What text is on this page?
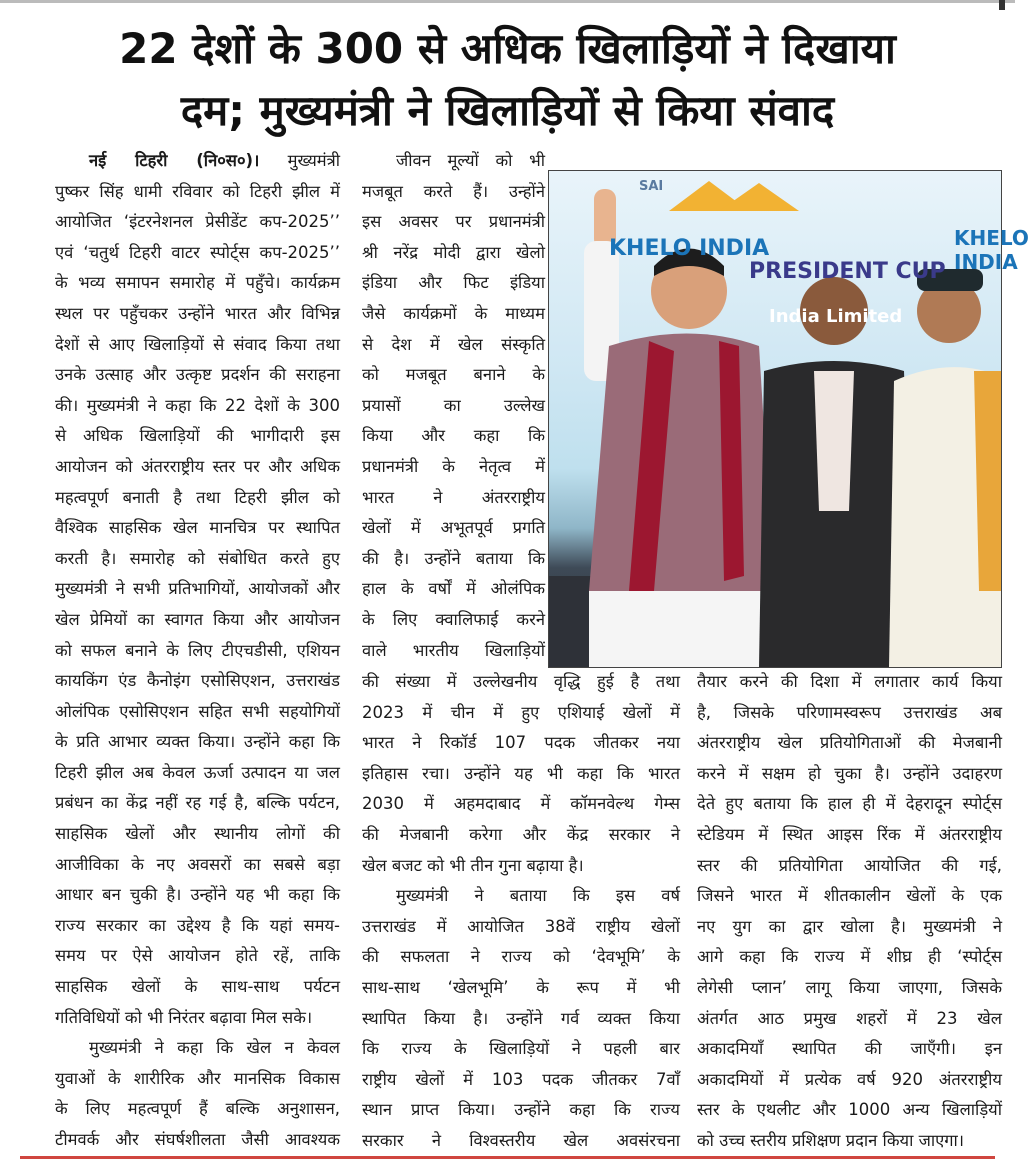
22 देशों के 300 से अधिक खिलाड़ियों ने दिखाया
दम; मुख्यमंत्री ने खिलाड़ियों से किया संवाद
नई टिहरी (नि०स०)। मुख्यमंत्री
पुष्कर सिंह धामी रविवार को टिहरी झील में
आयोजित ‘इंटरनेशनल प्रेसीडेंट कप-2025’’
एवं ‘चतुर्थ टिहरी वाटर स्पोर्ट्स कप-2025’’
के भव्य समापन समारोह में पहुँचे। कार्यक्रम
स्थल पर पहुँचकर उन्होंने भारत और विभिन्न
देशों से आए खिलाड़ियों से संवाद किया तथा
उनके उत्साह और उत्कृष्ट प्रदर्शन की सराहना
की। मुख्यमंत्री ने कहा कि 22 देशों के 300
से अधिक खिलाड़ियों की भागीदारी इस
आयोजन को अंतरराष्ट्रीय स्तर पर और अधिक
महत्वपूर्ण बनाती है तथा टिहरी झील को
वैश्विक साहसिक खेल मानचित्र पर स्थापित
करती है। समारोह को संबोधित करते हुए
मुख्यमंत्री ने सभी प्रतिभागियों, आयोजकों और
खेल प्रेमियों का स्वागत किया और आयोजन
को सफल बनाने के लिए टीएचडीसी, एशियन
कायकिंग एंड कैनोइंग एसोसिएशन, उत्तराखंड
ओलंपिक एसोसिएशन सहित सभी सहयोगियों
के प्रति आभार व्यक्त किया। उन्होंने कहा कि
टिहरी झील अब केवल ऊर्जा उत्पादन या जल
प्रबंधन का केंद्र नहीं रह गई है, बल्कि पर्यटन,
साहसिक खेलों और स्थानीय लोगों की
आजीविका के नए अवसरों का सबसे बड़ा
आधार बन चुकी है। उन्होंने यह भी कहा कि
राज्य सरकार का उद्देश्य है कि यहां समय-
समय पर ऐसे आयोजन होते रहें, ताकि
साहसिक खेलों के साथ-साथ पर्यटन
गतिविधियों को भी निरंतर बढ़ावा मिल सके।
मुख्यमंत्री ने कहा कि खेल न केवल
युवाओं के शारीरिक और मानसिक विकास
के लिए महत्वपूर्ण हैं बल्कि अनुशासन,
टीमवर्क और संघर्षशीलता जैसी आवश्यक
जीवन मूल्यों को भी
मजबूत करते हैं। उन्होंने
इस अवसर पर प्रधानमंत्री
श्री नरेंद्र मोदी द्वारा खेलो
इंडिया और फिट इंडिया
जैसे कार्यक्रमों के माध्यम
से देश में खेल संस्कृति
को मजबूत बनाने के
प्रयासों का उल्लेख
किया और कहा कि
प्रधानमंत्री के नेतृत्व में
भारत ने अंतरराष्ट्रीय
खेलों में अभूतपूर्व प्रगति
की है। उन्होंने बताया कि
हाल के वर्षों में ओलंपिक
के लिए क्वालिफाई करने
वाले भारतीय खिलाड़ियों
की संख्या में उल्लेखनीय वृद्धि हुई है तथा
2023 में चीन में हुए एशियाई खेलों में
भारत ने रिकॉर्ड 107 पदक जीतकर नया
इतिहास रचा। उन्होंने यह भी कहा कि भारत
2030 में अहमदाबाद में कॉमनवेल्थ गेम्स
की मेजबानी करेगा और केंद्र सरकार ने
खेल बजट को भी तीन गुना बढ़ाया है।
मुख्यमंत्री ने बताया कि इस वर्ष
उत्तराखंड में आयोजित 38वें राष्ट्रीय खेलों
की सफलता ने राज्य को ‘देवभूमि’ के
साथ-साथ ‘खेलभूमि’ के रूप में भी
स्थापित किया है। उन्होंने गर्व व्यक्त किया
कि राज्य के खिलाड़ियों ने पहली बार
राष्ट्रीय खेलों में 103 पदक जीतकर 7वाँ
स्थान प्राप्त किया। उन्होंने कहा कि राज्य
सरकार ने विश्वस्तरीय खेल अवसंरचना
तैयार करने की दिशा में लगातार कार्य किया
है, जिसके परिणामस्वरूप उत्तराखंड अब
अंतरराष्ट्रीय खेल प्रतियोगिताओं की मेजबानी
करने में सक्षम हो चुका है। उन्होंने उदाहरण
देते हुए बताया कि हाल ही में देहरादून स्पोर्ट्स
स्टेडियम में स्थित आइस रिंक में अंतरराष्ट्रीय
स्तर की प्रतियोगिता आयोजित की गई,
जिसने भारत में शीतकालीन खेलों के एक
नए युग का द्वार खोला है। मुख्यमंत्री ने
आगे कहा कि राज्य में शीघ्र ही ‘स्पोर्ट्स
लेगेसी प्लान’ लागू किया जाएगा, जिसके
अंतर्गत आठ प्रमुख शहरों में 23 खेल
अकादमियाँ स्थापित की जाएँगी। इन
अकादमियों में प्रत्येक वर्ष 920 अंतरराष्ट्रीय
स्तर के एथलीट और 1000 अन्य खिलाड़ियों
को उच्च स्तरीय प्रशिक्षण प्रदान किया जाएगा।
KHELO INDIA
PRESIDENT CUP
India Limited
KHELO INDIA
SAI
